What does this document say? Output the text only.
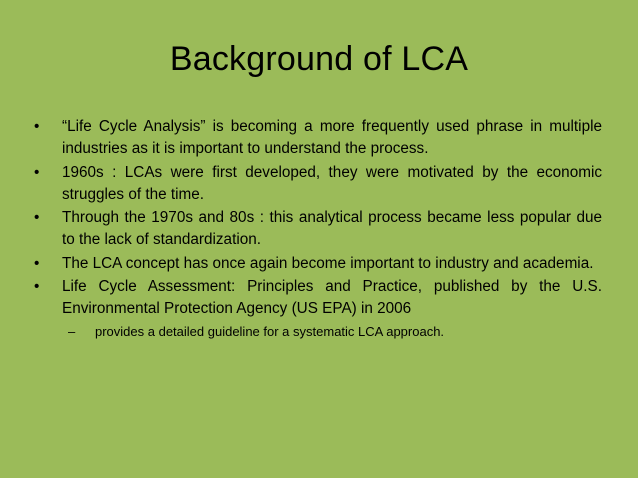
Background of LCA
•	“Life Cycle Analysis” is becoming a more frequently used phrase in multiple industries as it is important to understand the process.
•	1960s : LCAs were first developed, they were motivated by the economic struggles of the time.
•	Through the 1970s and 80s : this analytical process became less popular due to the lack of standardization.
•	The LCA concept has once again become important to industry and academia.
•	Life Cycle Assessment: Principles and Practice, published by the U.S. Environmental Protection Agency (US EPA) in 2006
– provides a detailed guideline for a systematic LCA approach.
